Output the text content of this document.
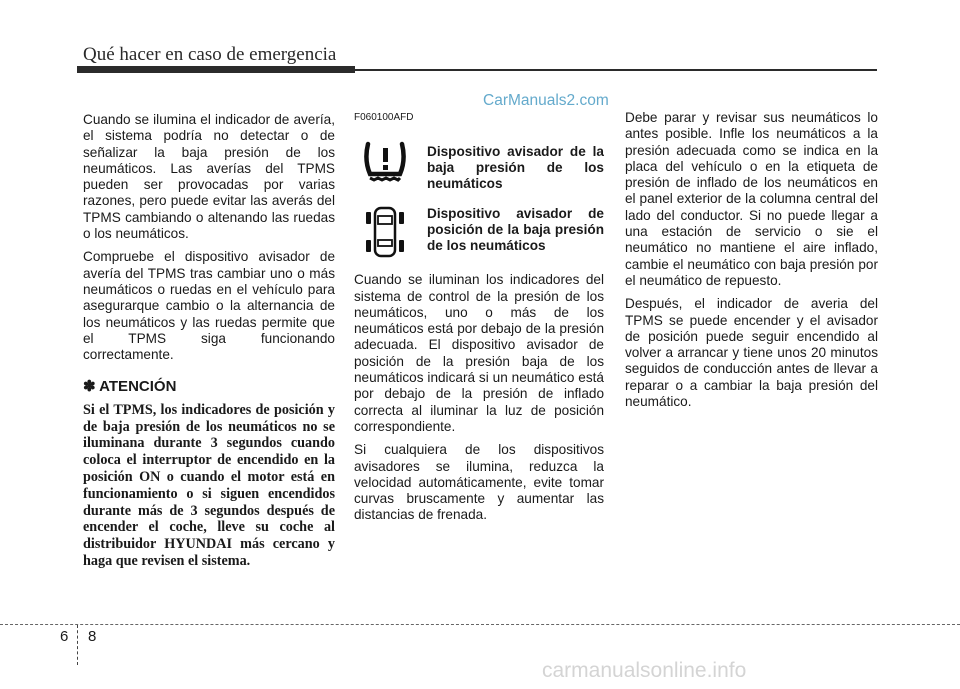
Qué hacer en caso de emergencia
CarManuals2.com

Cuando se ilumina el indicador de avería, el sistema podría no detectar o de señalizar la baja presión de los neumáticos. Las averías del TPMS pueden ser provocadas por varias razones, pero puede evitar las averás del TPMS cambiando o altenando las ruedas o los neumáticos.

Compruebe el dispositivo avisador de avería del TPMS tras cambiar uno o más neumáticos o ruedas en el vehículo para asegurarque cambio o la alternancia de los neumáticos y las ruedas permite que el TPMS siga funcionando correctamente.

✽ ATENCIÓN

Si el TPMS, los indicadores de posición y de baja presión de los neumáticos no se iluminana durante 3 segundos cuando coloca el interruptor de encendido en la posición ON o cuando el motor está en funcionamiento o si siguen encendidos durante más de 3 segundos después de encender el coche, lleve su coche al distribuidor HYUNDAI más cercano y haga que revisen el sistema.

F060100AFD
Dispositivo avisador de la baja presión de los neumáticos
Dispositivo avisador de posición de la baja presión de los neumáticos

Cuando se iluminan los indicadores del sistema de control de la presión de los neumáticos, uno o más de los neumáticos está por debajo de la presión adecuada. El dispositivo avisador de posición de la presión baja de los neumáticos indicará si un neumático está por debajo de la presión de inflado correcta al iluminar la luz de posición correspondiente.

Si cualquiera de los dispositivos avisadores se ilumina, reduzca la velocidad automáticamente, evite tomar curvas bruscamente y aumentar las distancias de frenada.

Debe parar y revisar sus neumáticos lo antes posible. Infle los neumáticos a la presión adecuada como se indica en la placa del vehículo o en la etiqueta de presión de inflado de los neumáticos en el panel exterior de la columna central del lado del conductor. Si no puede llegar a una estación de servicio o sie el neumático no mantiene el aire inflado, cambie el neumático con baja presión por el neumático de repuesto.

Después, el indicador de averia del TPMS se puede encender y el avisador de posición puede seguir encendido al volver a arrancar y tiene unos 20 minutos seguidos de conducción antes de llevar a reparar o a cambiar la baja presión del neumático.

6 8
carmanualsonline.info
